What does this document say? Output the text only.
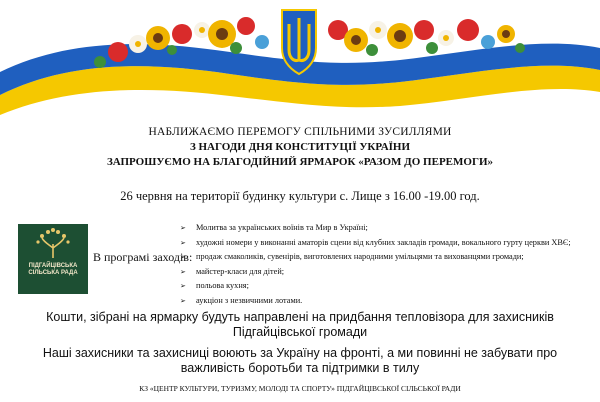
НАБЛИЖАЄМО ПЕРЕМОГУ СПІЛЬНИМИ ЗУСИЛЛЯМИ
З НАГОДИ ДНЯ КОНСТИТУЦІЇ УКРАЇНИ
ЗАПРОШУЄМО НА БЛАГОДІЙНИЙ ЯРМАРОК «РАЗОМ ДО ПЕРЕМОГИ»
26 червня на території будинку культури с. Лище з 16.00 -19.00 год.
ПІДГАЙЦІВСЬКА
СІЛЬСЬКА РАДА
В програмі заходів:
➢ Молитва за українських воїнів та Мир в Україні;
➢ художні номери у виконанні аматорів сцени від клубних закладів громади, вокального гурту церкви ХВЄ;
➢ продаж смаколиків, сувенірів, виготовлених народними умільцями та вихованцями громади;
➢ майстер-класи для дітей;
➢ польова кухня;
➢ аукціон з незвичними лотами.
Кошти, зібрані на ярмарку будуть направлені на придбання тепловізора для захисників
Підгайцівської громади
Наші захисники та захисниці воюють за Україну на фронті, а ми повинні не забувати про
важливість боротьби та підтримки в тилу
КЗ «ЦЕНТР КУЛЬТУРИ, ТУРИЗМУ, МОЛОДІ ТА СПОРТУ» ПІДГАЙЦІВСЬКОЇ СІЛЬСЬКОЇ РАДИ
